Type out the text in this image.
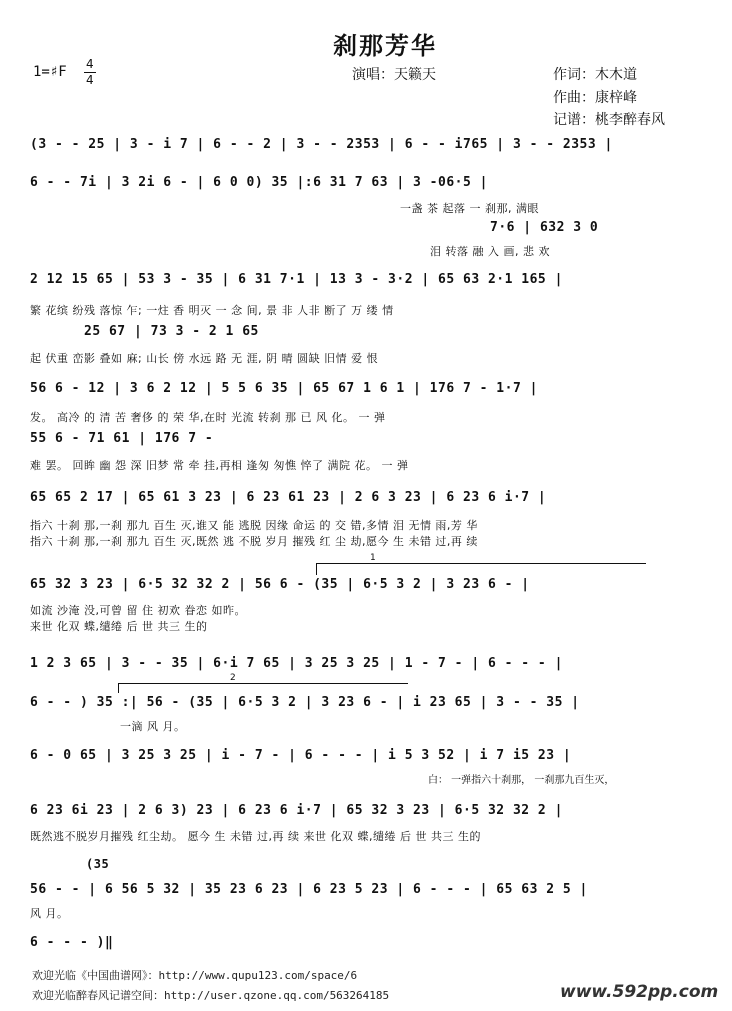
刹那芳华
1=♯F 4
4	演唱：天籁天	作词：木木道
作曲：康梓峰
记谱：桃李醉春风
(3 - - 25 | 3 - i 7 | 6 - - 2 | 3 - - 2353 | 6 - - i765 | 3 - - 2353 |
6 - - 7i | 3 2i 6 - | 6 0 0) 35 |:6 31 7 63 | 3 -06·5 |
一盏 茶 起落 一 刹那, 满眼
7·6 | 632 3 0
泪 转落 融 入 画, 悲 欢
2 12 15 65 | 53 3 - 35 | 6 31 7·1 | 13 3 - 3·2 | 65 63 2·1 165 |
繁 花缤 纷残 落惊 乍; 一炷 香 明灭 一 念 间, 景 非 人非 断了 万 缕 情
25 67 | 73 3 - 2 1 65
起 伏重 峦影 叠如 麻; 山长 傍 水远 路 无 涯, 阴 晴 圆缺 旧情 爱 恨
56 6 - 12 | 3 6 2 12 | 5 5 6 35 | 65 67 1 6 1 | 176 7 - 1·7 |
发。 高冷 的 清 苦 奢侈 的 荣 华,在时 光流 转刹 那 已 风 化。 一 弹
55 6 - 71 61 | 176 7 -
难 罢。 回眸 幽 怨 深 旧梦 常 牵 挂,再相 逢匆 匆憔 悴了 满院 花。 一 弹
65 65 2 17 | 65 61 3 23 | 6 23 61 23 | 2 6 3 23 | 6 23 6 i·7 |
指六 十刹 那,一刹 那九 百生 灭,谁又 能 逃脱 因缘 命运 的 交 错,多情 泪 无情 雨,芳 华
指六 十刹 那,一刹 那九 百生 灭,既然 逃 不脱 岁月 摧残 红 尘 劫,愿今 生 未错 过,再 续
1
65 32 3 23 | 6·5 32 32 2 | 56 6 - (35 | 6·5 3 2 | 3 23 6 - |
如流 沙淹 没,可曾 留 住 初欢 眷恋 如昨。
来世 化双 蝶,缱绻 后 世 共三 生的
1 2 3 65 | 3 - - 35 | 6·i 7 65 | 3 25 3 25 | 1 - 7 - | 6 - - - |
2
6 - - ) 35 :| 56 - (35 | 6·5 3 2 | 3 23 6 - | i 23 65 | 3 - - 35 |
一滴 风 月。
6 - 0 65 | 3 25 3 25 | i - 7 - | 6 - - - | i 5 3 52 | i 7 i5 23 |
白： 一弹指六十刹那， 一刹那九百生灭，
6 23 6i 23 | 2 6 3) 23 | 6 23 6 i·7 | 65 32 3 23 | 6·5 32 32 2 |
既然逃不脱岁月摧残 红尘劫。 愿今 生 未错 过,再 续 来世 化双 蝶,缱绻 后 世 共三 生的
(35
56 - - | 6 56 5 32 | 35 23 6 23 | 6 23 5 23 | 6 - - - | 65 63 2 5 |
风 月。
6 - - - )‖
欢迎光临《中国曲谱网》：http://www.qupu123.com/space/6
欢迎光临醉春风记谱空间：http://user.qzone.qq.com/563264185	www.592pp.com
